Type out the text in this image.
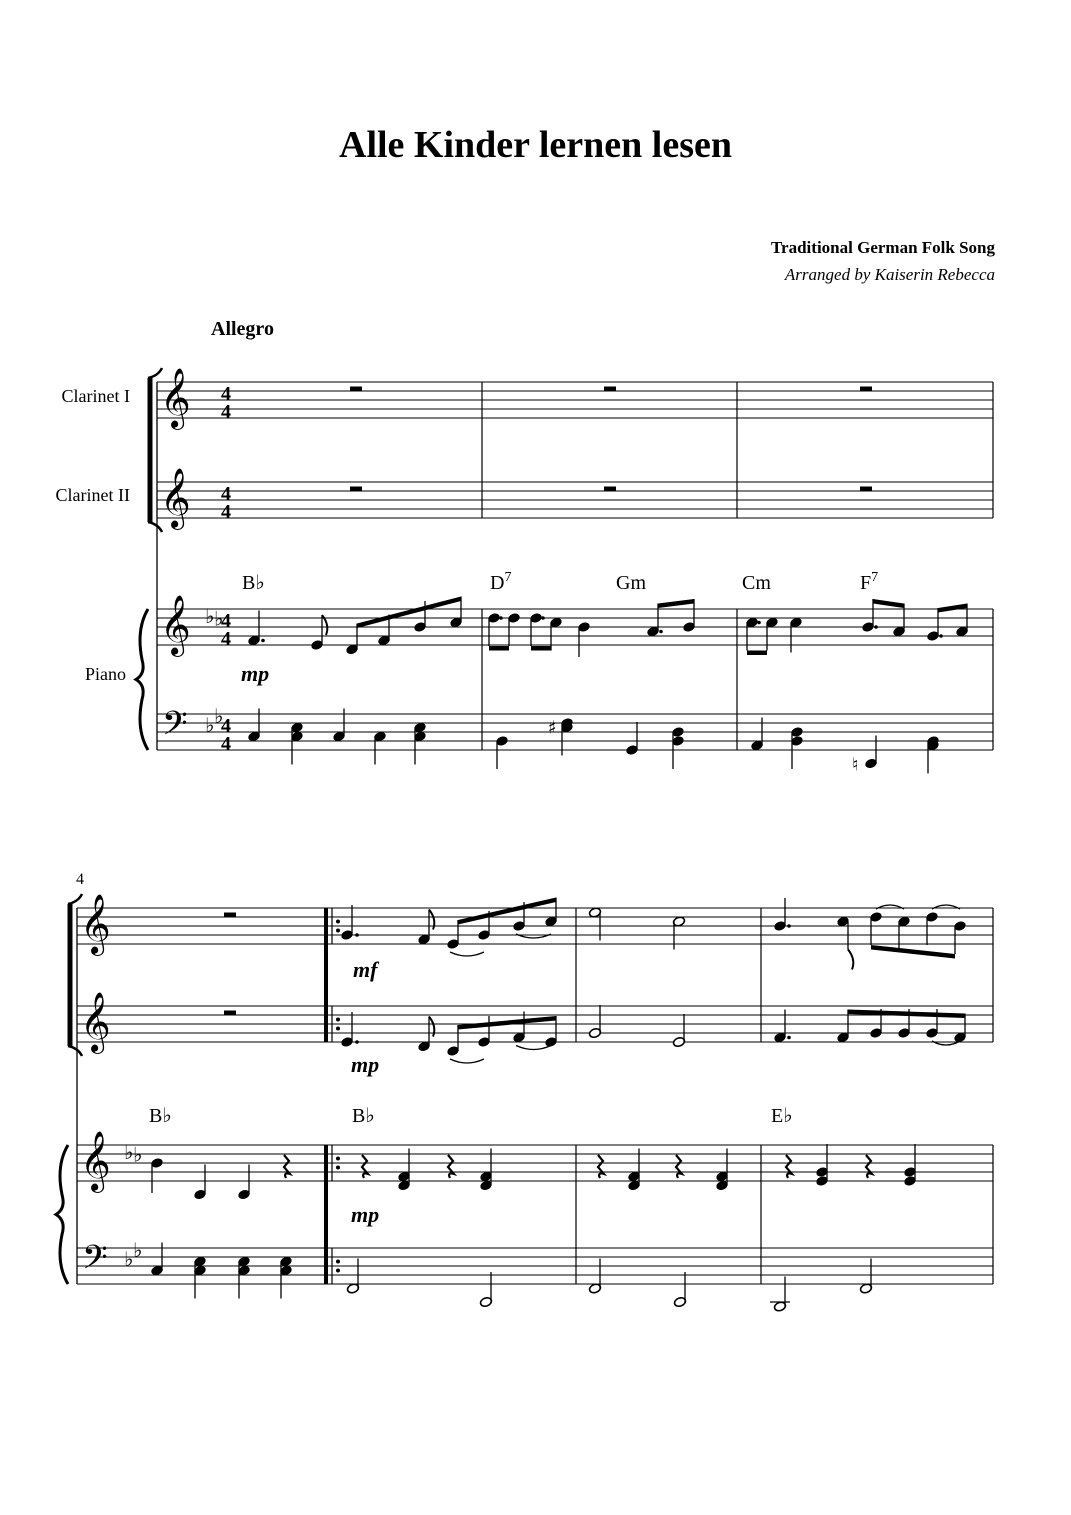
Alle Kinder lernen lesen
Traditional German Folk Song
Arranged by Kaiserin Rebecca
Allegro
Clarinet I
Clarinet II
Piano
𝄞 4
4
𝄞 4
4
𝄞 ♭ ♭
4
4
𝄢 ♭ ♭
4
4
B♭	$D^7$	Gm	Cm	$F^7$
mp
♯
♮
4
𝄞
𝄞
𝄞 ♭ ♭
𝄢 ♭ ♭
B♭	B♭	E♭
mf
mp
mp
